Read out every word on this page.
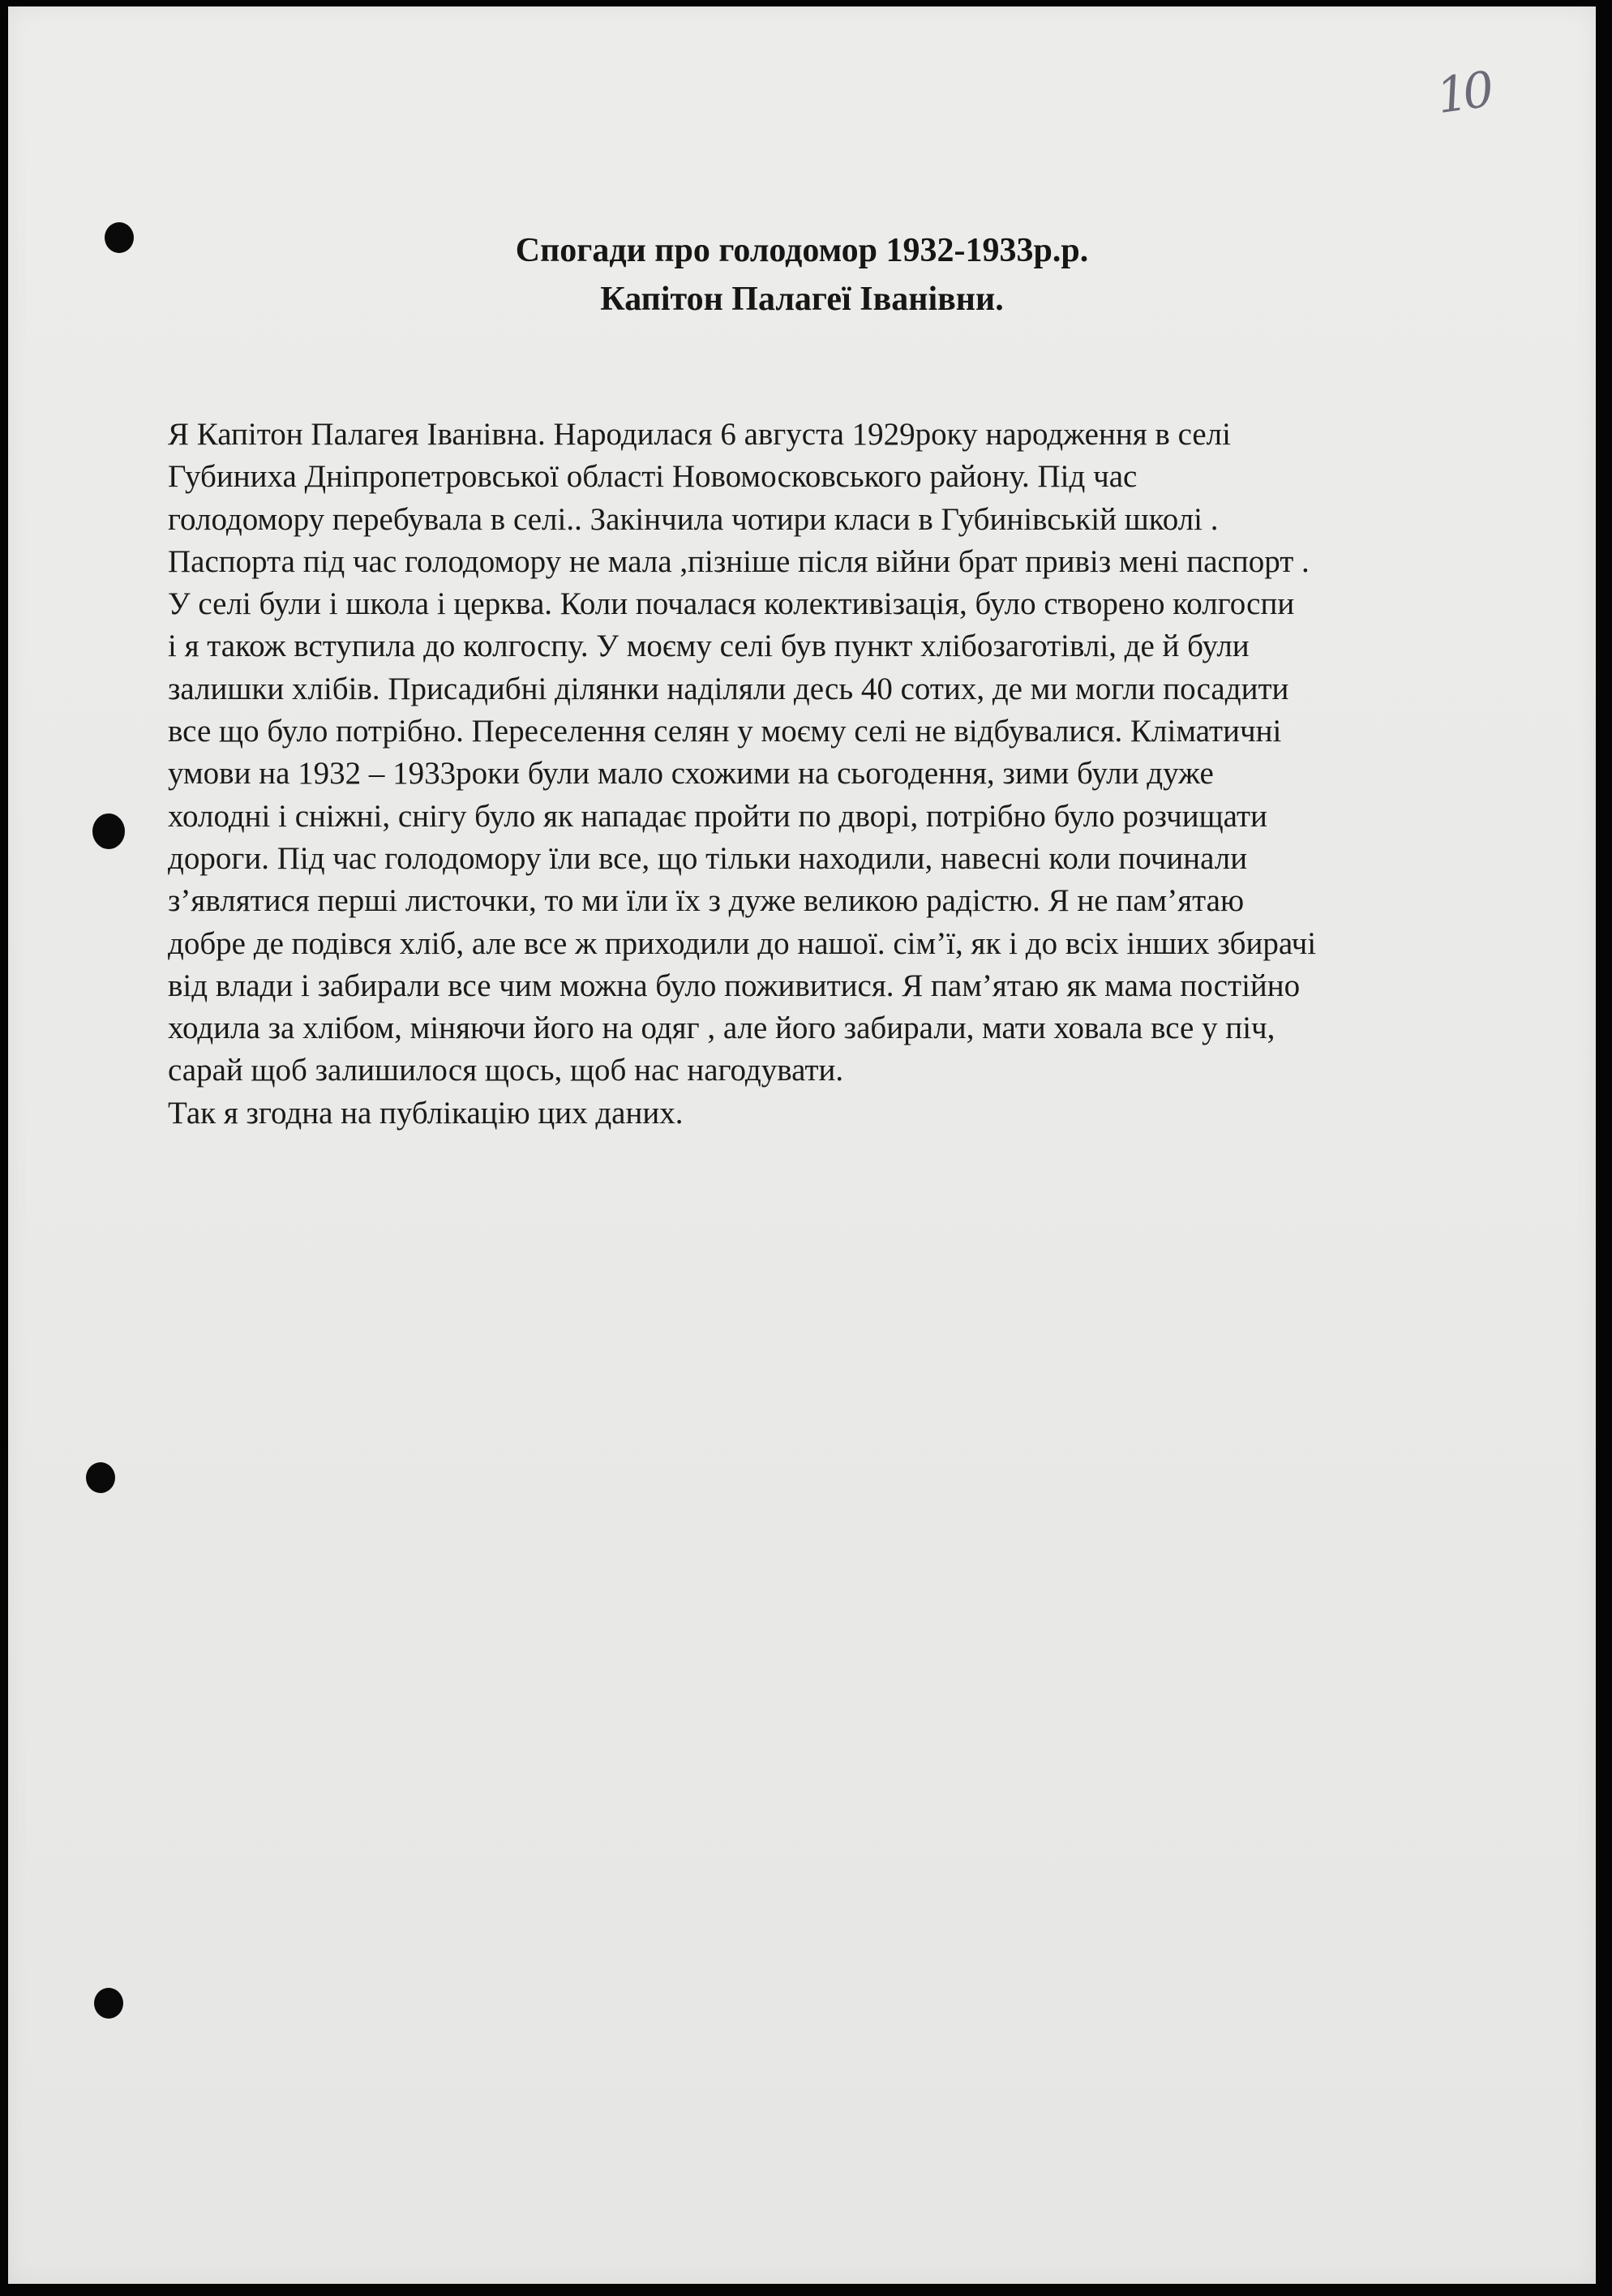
10
Спогади про голодомор 1932-1933р.р.
Капітон Палагеї Іванівни.
Я Капітон Палагея Іванівна. Народилася 6 августа 1929року народження в селі
Губиниха Дніпропетровської області Новомосковського району. Під час
голодомору перебувала в селі.. Закінчила чотири класи в Губинівській школі .
Паспорта під час голодомору не мала ,пізніше після війни брат привіз мені паспорт .
У селі були і школа і церква. Коли почалася колективізація, було створено колгоспи
і я також вступила до колгоспу. У моєму селі був пункт хлібозаготівлі, де й були
залишки хлібів. Присадибні ділянки наділяли десь 40 сотих, де ми могли посадити
все що було потрібно. Переселення селян у моєму селі не відбувалися. Кліматичні
умови на 1932 – 1933роки були мало схожими на сьогодення, зими були дуже
холодні і сніжні, снігу було як нападає пройти по дворі, потрібно було розчищати
дороги. Під час голодомору їли все, що тільки находили, навесні коли починали
з’являтися перші листочки, то ми їли їх з дуже великою радістю. Я не пам’ятаю
добре де подівся хліб, але все ж приходили до нашої. сім’ї, як і до всіх інших збирачі
від влади і забирали все чим можна було поживитися. Я пам’ятаю як мама постійно
ходила за хлібом, міняючи його на одяг , але його забирали, мати ховала все у піч,
сарай щоб залишилося щось, щоб нас нагодувати.
Так я згодна на публікацію цих даних.
